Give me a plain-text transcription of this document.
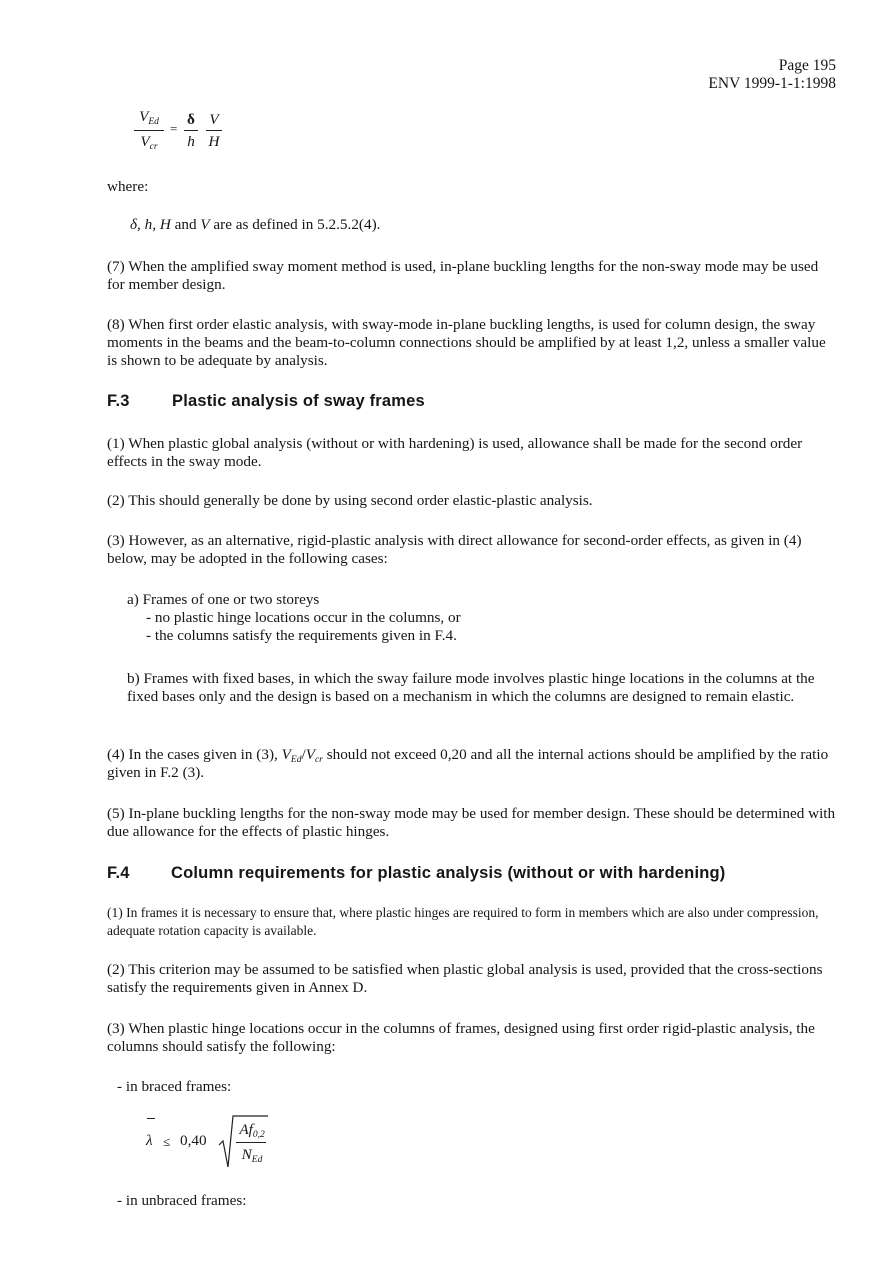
Page 195
ENV 1999-1-1:1998
$V_{Ed}$
$V_{cr}$
=
δ
h
V
H
where:
δ, h, H and V are as defined in 5.2.5.2(4).
(7) When the amplified sway moment method is used, in-plane buckling lengths for the non-sway mode may be used for member design.
(8) When first order elastic analysis, with sway-mode in-plane buckling lengths, is used for column design, the sway moments in the beams and the beam-to-column connections should be amplified by at least 1,2, unless a smaller value is shown to be adequate by analysis.
F.3	Plastic analysis of sway frames
(1) When plastic global analysis (without or with hardening) is used, allowance shall be made for the second order effects in the sway mode.
(2) This should generally be done by using second order elastic-plastic analysis.
(3) However, as an alternative, rigid-plastic analysis with direct allowance for second-order effects, as given in (4) below, may be adopted in the following cases:
a) Frames of one or two storeys
- no plastic hinge locations occur in the columns, or
- the columns satisfy the requirements given in F.4.
b) Frames with fixed bases, in which the sway failure mode involves plastic hinge locations in the columns at the fixed bases only and the design is based on a mechanism in which the columns are designed to remain elastic.
(4) In the cases given in (3), $V_{Ed}/V_{cr}$ should not exceed 0,20 and all the internal actions should be amplified by the ratio given in F.2 (3).
(5) In-plane buckling lengths for the non-sway mode may be used for member design. These should be determined with due allowance for the effects of plastic hinges.
F.4	Column requirements for plastic analysis (without or with hardening)
(1) In frames it is necessary to ensure that, where plastic hinges are required to form in members which are also under compression, adequate rotation capacity is available.
(2) This criterion may be assumed to be satisfied when plastic global analysis is used, provided that the cross-sections satisfy the requirements given in Annex D.
(3) When plastic hinge locations occur in the columns of frames, designed using first order rigid-plastic analysis, the columns should satisfy the following:
- in braced frames:
λ ≤ 0,40
$Af_{0,2}$
$N_{Ed}$
- in unbraced frames:
